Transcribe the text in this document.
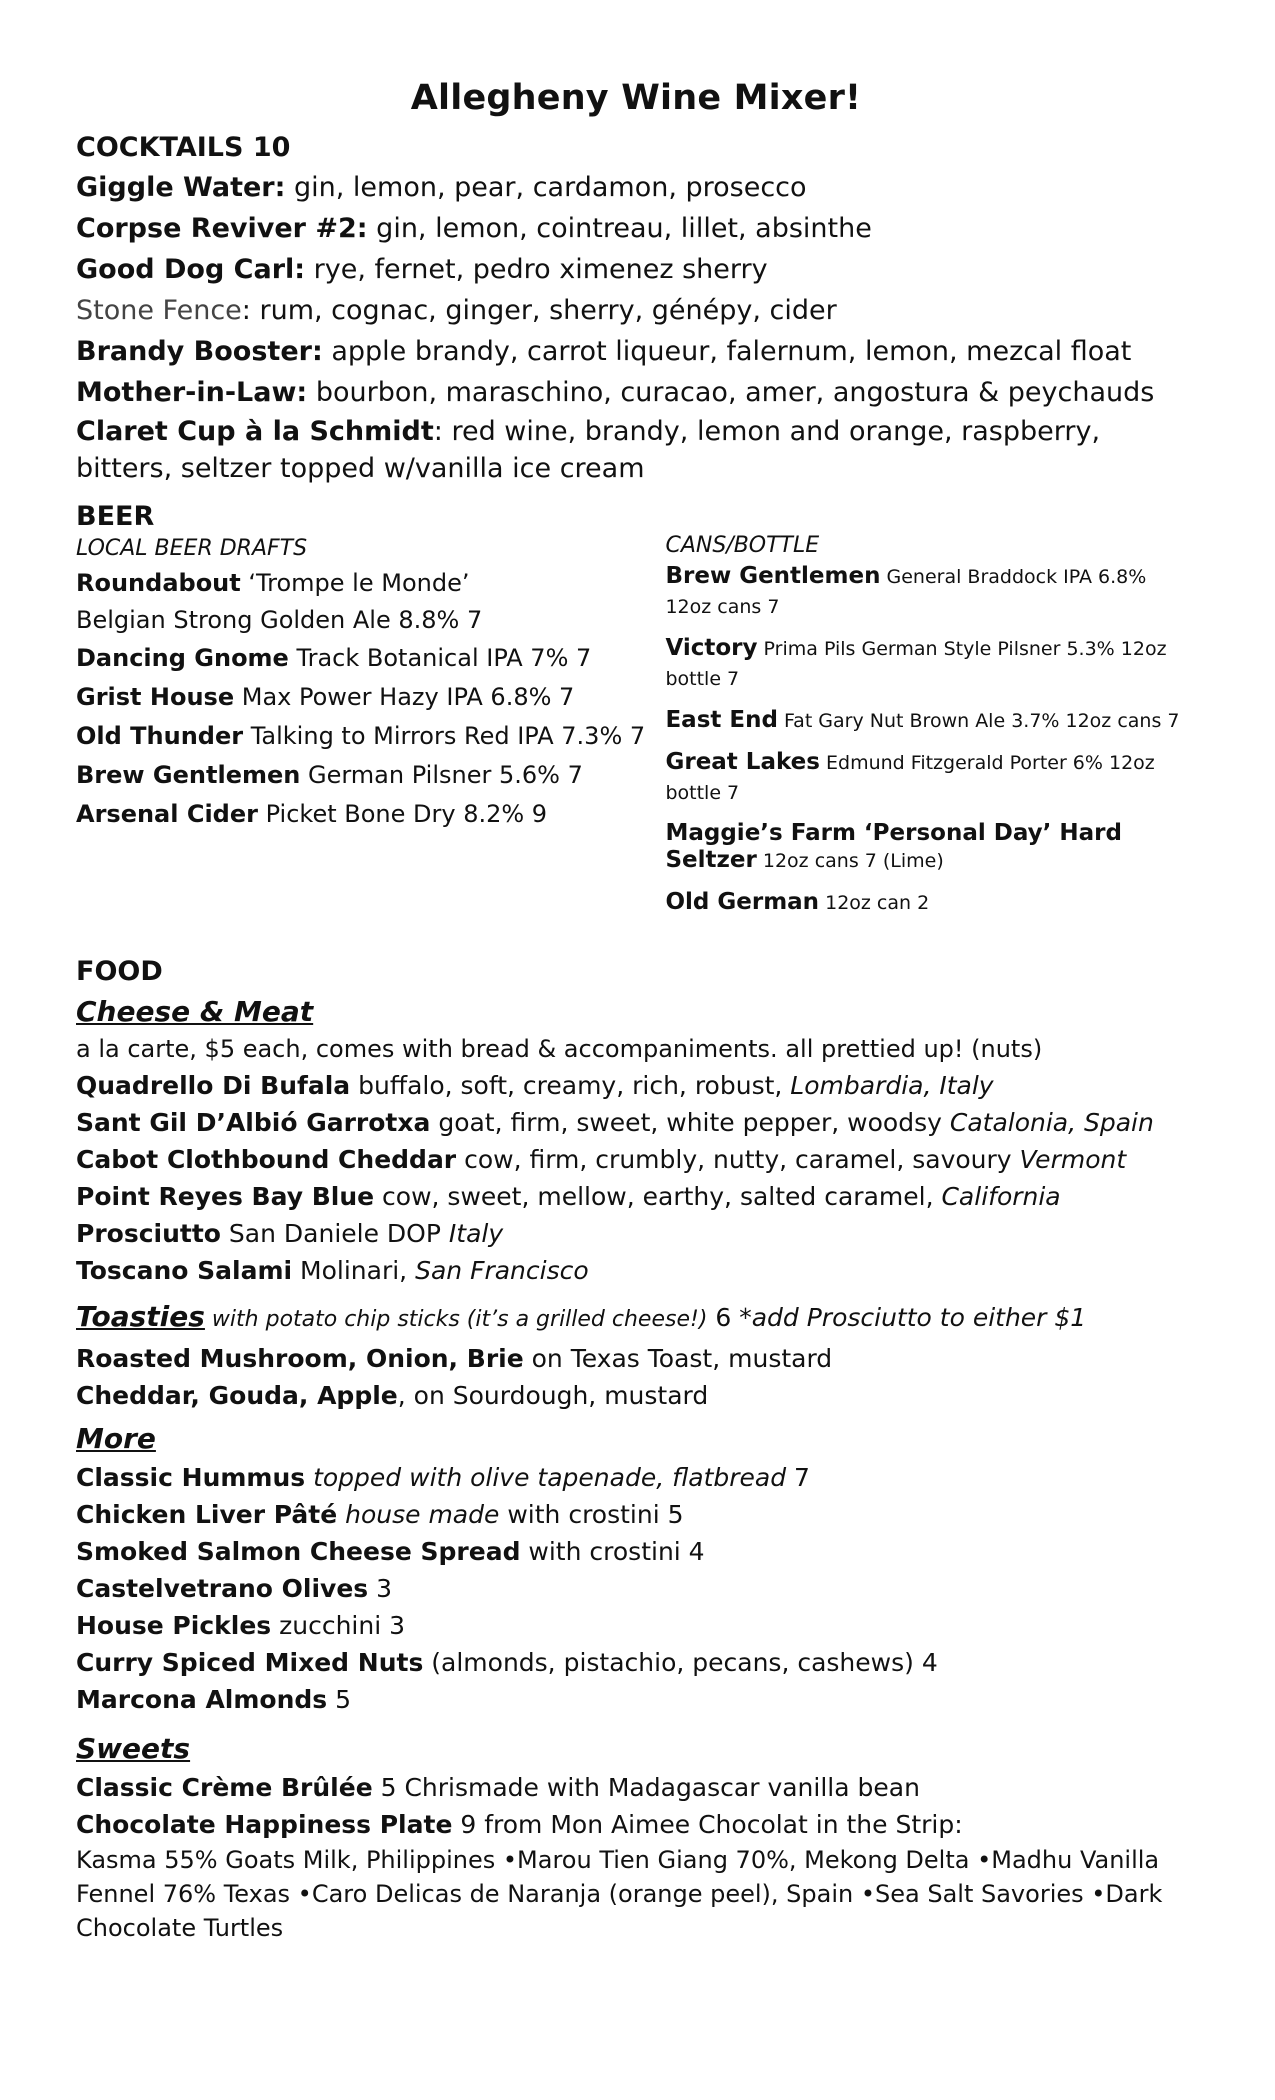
Allegheny Wine Mixer!
COCKTAILS 10
Giggle Water: gin, lemon, pear, cardamon, prosecco
Corpse Reviver #2: gin, lemon, cointreau, lillet, absinthe
Good Dog Carl: rye, fernet, pedro ximenez sherry
Stone Fence: rum, cognac, ginger, sherry, génépy, cider
Brandy Booster: apple brandy, carrot liqueur, falernum, lemon, mezcal float
Mother-in-Law: bourbon, maraschino, curacao, amer, angostura & peychauds
Claret Cup à la Schmidt: red wine, brandy, lemon and orange, raspberry, bitters, seltzer topped w/vanilla ice cream
BEER
LOCAL BEER DRAFTS
Roundabout ‘Trompe le Monde’ Belgian Strong Golden Ale 8.8% 7
Dancing Gnome Track Botanical IPA 7% 7
Grist House Max Power Hazy IPA 6.8% 7
Old Thunder Talking to Mirrors Red IPA 7.3% 7
Brew Gentlemen German Pilsner 5.6% 7
Arsenal Cider Picket Bone Dry 8.2% 9
CANS/BOTTLE
Brew Gentlemen General Braddock IPA 6.8% 12oz cans 7
Victory Prima Pils German Style Pilsner 5.3% 12oz bottle 7
East End Fat Gary Nut Brown Ale 3.7% 12oz cans 7
Great Lakes Edmund Fitzgerald Porter 6% 12oz bottle 7
Maggie’s Farm ‘Personal Day’ Hard Seltzer 12oz cans 7 (Lime)
Old German 12oz can 2
FOOD
Cheese & Meat
a la carte, $5 each, comes with bread & accompaniments. all prettied up! (nuts)
Quadrello Di Bufala buffalo, soft, creamy, rich, robust, Lombardia, Italy
Sant Gil D’Albió Garrotxa goat, firm, sweet, white pepper, woodsy Catalonia, Spain
Cabot Clothbound Cheddar cow, firm, crumbly, nutty, caramel, savoury Vermont
Point Reyes Bay Blue cow, sweet, mellow, earthy, salted caramel, California
Prosciutto San Daniele DOP Italy
Toscano Salami Molinari, San Francisco
Toasties with potato chip sticks (it’s a grilled cheese!) 6 *add Prosciutto to either $1
Roasted Mushroom, Onion, Brie on Texas Toast, mustard
Cheddar, Gouda, Apple, on Sourdough, mustard
More
Classic Hummus topped with olive tapenade, flatbread 7
Chicken Liver Pâté house made with crostini 5
Smoked Salmon Cheese Spread with crostini 4
Castelvetrano Olives 3
House Pickles zucchini 3
Curry Spiced Mixed Nuts (almonds, pistachio, pecans, cashews) 4
Marcona Almonds 5
Sweets
Classic Crème Brûlée 5 Chrismade with Madagascar vanilla bean
Chocolate Happiness Plate 9 from Mon Aimee Chocolat in the Strip:
Kasma 55% Goats Milk, Philippines •Marou Tien Giang 70%, Mekong Delta •Madhu Vanilla Fennel 76% Texas •Caro Delicas de Naranja (orange peel), Spain •Sea Salt Savories •Dark Chocolate Turtles
